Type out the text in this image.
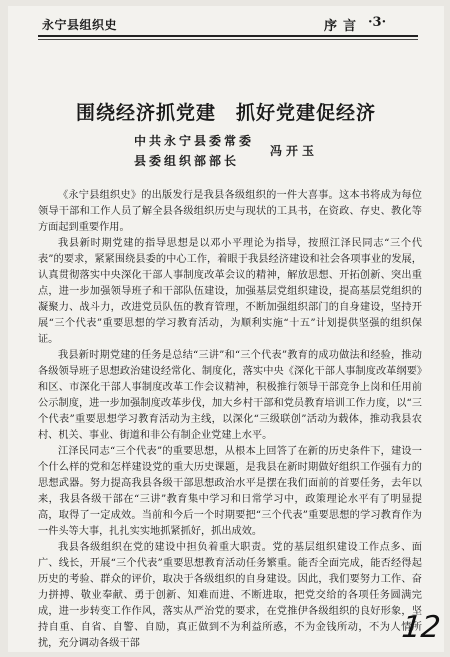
永宁县组织史	序言 ·3·
围绕经济抓党建　抓好党建促经济
中共永宁县委常委
县委组织部部长
冯开玉

《永宁县组织史》的出版发行是我县各级组织的一件大喜事。这本书将成为每位领导干部和工作人员了解全县各级组织历史与现状的工具书，在资政、存史、教化等方面起到重要作用。

我县新时期党建的指导思想是以邓小平理论为指导，按照江泽民同志“三个代表”的要求，紧紧围绕县委的中心工作，着眼于我县经济建设和社会各项事业的发展，认真贯彻落实中央深化干部人事制度改革会议的精神，解放思想、开拓创新、突出重点，进一步加强领导班子和干部队伍建设，加强基层党组织建设，提高基层党组织的凝聚力、战斗力，改进党员队伍的教育管理，不断加强组织部门的自身建设，坚持开展“三个代表”重要思想的学习教育活动，为顺利实施“十五”计划提供坚强的组织保证。

我县新时期党建的任务是总结“三讲”和“三个代表”教育的成功做法和经验，推动各级领导班子思想政治建设经常化、制度化，落实中央《深化干部人事制度改革纲要》和区、市深化干部人事制度改革工作会议精神，积极推行领导干部竞争上岗和任用前公示制度，进一步加强制度改革步伐，加大乡村干部和党员教育培训工作力度，以“三个代表”重要思想学习教育活动为主线，以深化“三级联创”活动为载体，推动我县农村、机关、事业、街道和非公有制企业党建上水平。

江泽民同志“三个代表”的重要思想，从根本上回答了在新的历史条件下，建设一个什么样的党和怎样建设党的重大历史课题，是我县在新时期做好组织工作强有力的思想武器。努力提高我县各级干部思想政治水平是摆在我们面前的首要任务，去年以来，我县各级干部在“三讲”教育集中学习和日常学习中，政策理论水平有了明显提高，取得了一定成效。当前和今后一个时期要把“三个代表”重要思想的学习教育作为一件头等大事，扎扎实实地抓紧抓好，抓出成效。

我县各级组织在党的建设中担负着重大职责。党的基层组织建设工作点多、面广、线长，开展“三个代表”重要思想教育活动任务繁重。能否全面完成，能否经得起历史的考验、群众的评价，取决于各级组织的自身建设。因此，我们要努力工作、奋力拼搏、敬业奉献、勇于创新、知难而进、不断进取，把党交给的各项任务圆满完成，进一步转变工作作风，落实从严治党的要求，在党推伊各级组织的良好形象，坚持自重、自省、自警、自励，真正做到不为利益所惑，不为金钱所动，不为人情所扰，充分调动各级干部	12
